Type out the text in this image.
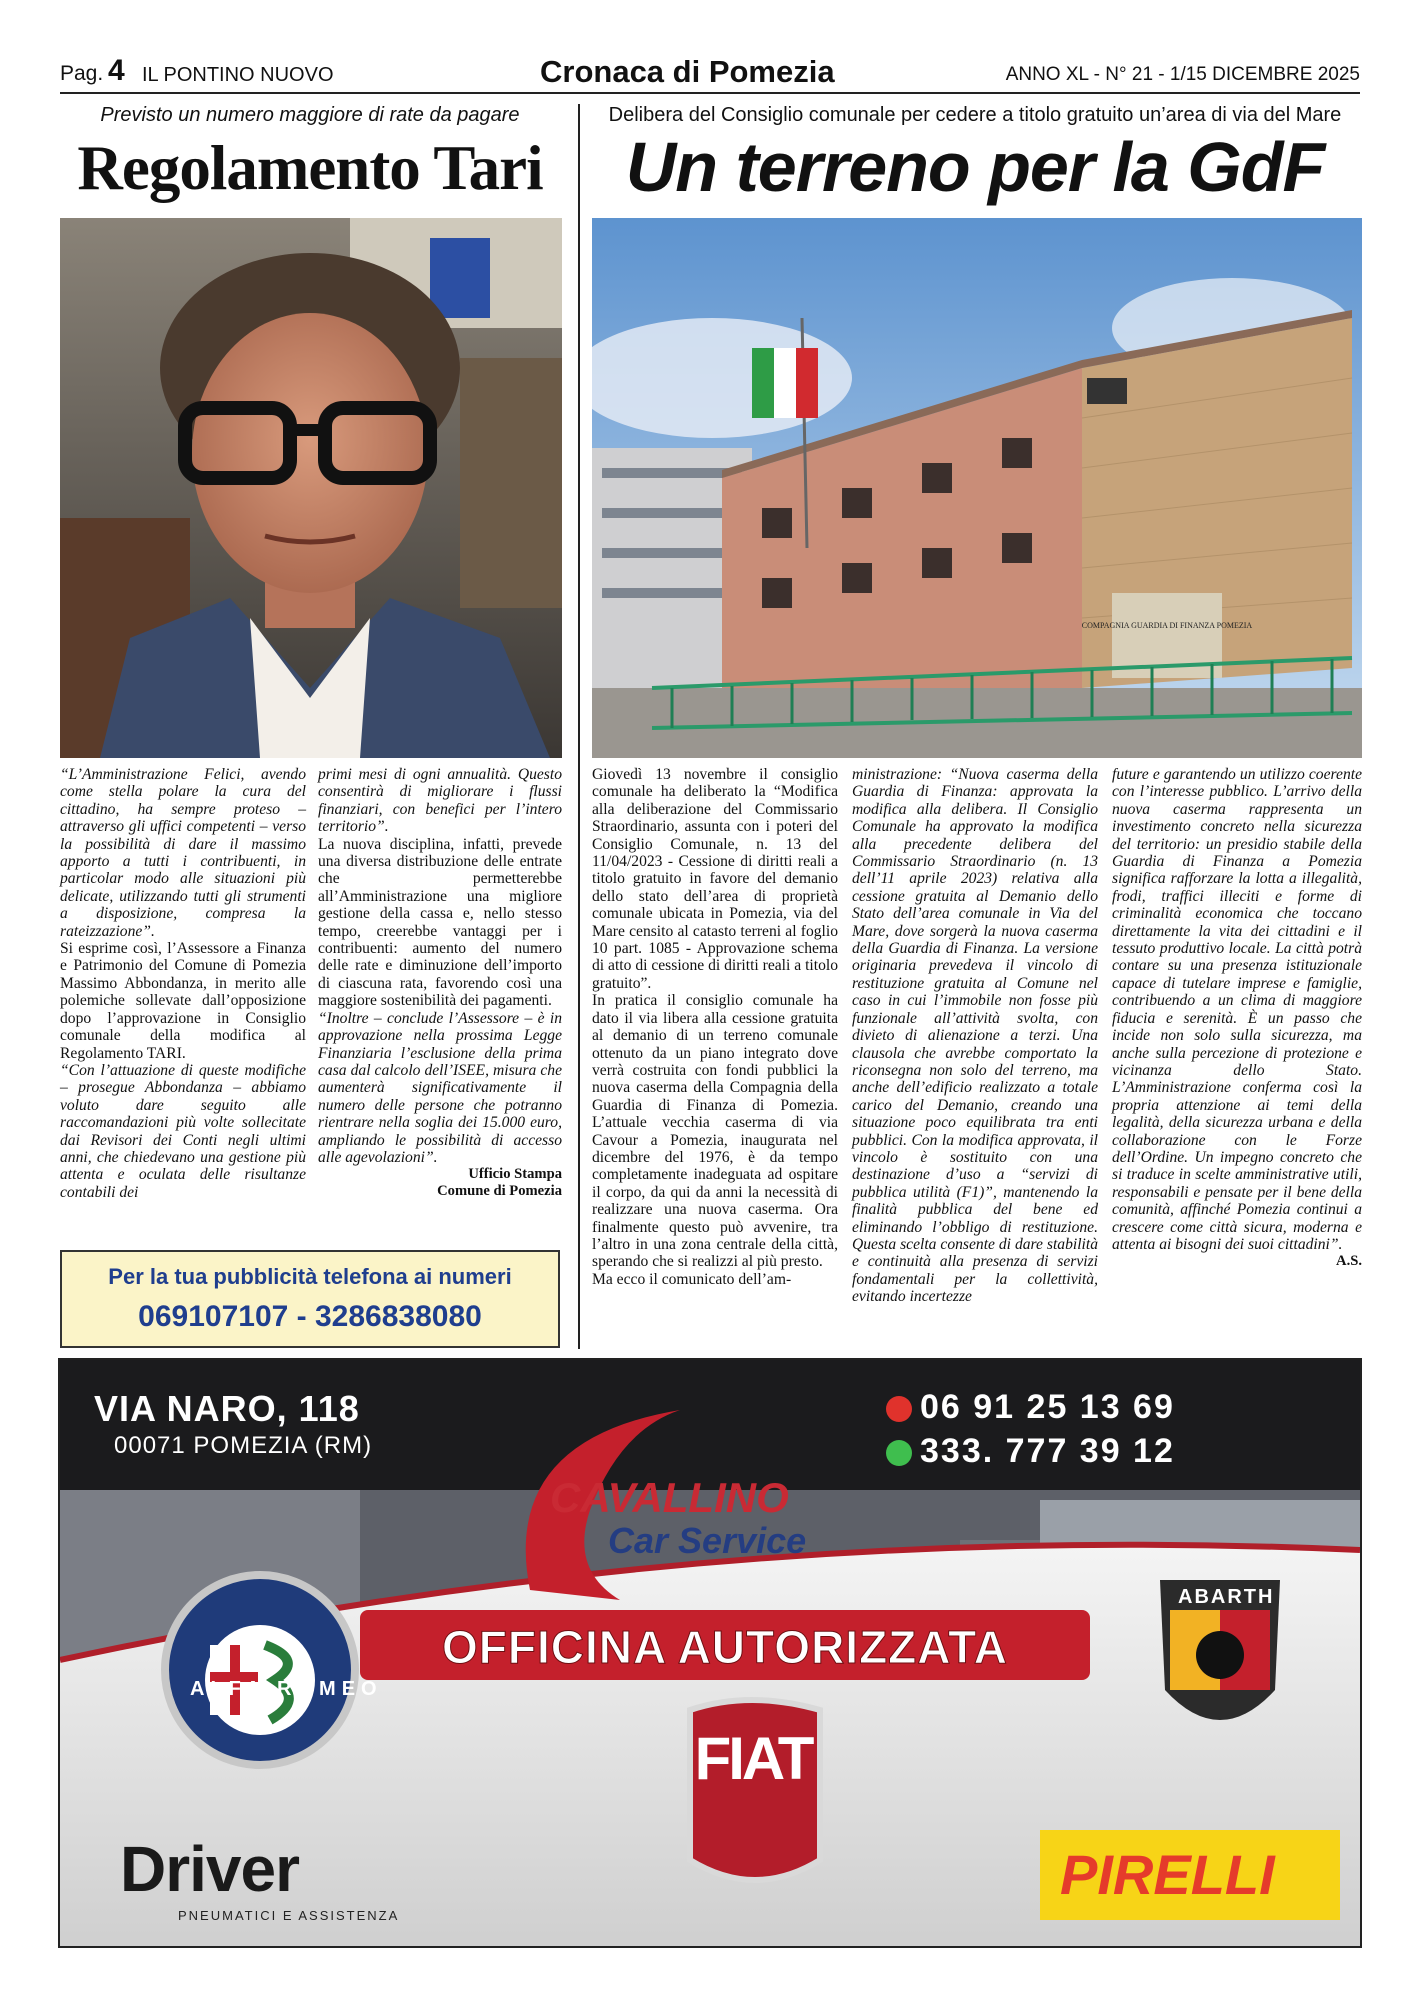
Pag. 4 IL PONTINO NUOVO	Cronaca di Pomezia	ANNO XL - N° 21 - 1/15 DICEMBRE 2025
Previsto un numero maggiore di rate da pagare
Regolamento Tari

“L’Amministrazione Felici, avendo come stella polare la cura del cittadino, ha sempre proteso – attraverso gli uffici competenti – verso la possibilità di dare il massimo apporto a tutti i contribuenti, in particolar modo alle situazioni più delicate, utilizzando tutti gli strumenti a disposizione, compresa la rateizzazione”.

Si esprime così, l’Assessore a Finanza e Patrimonio del Comune di Pomezia Massimo Abbondanza, in merito alle polemiche sollevate dall’opposizione dopo l’approvazione in Consiglio comunale della modifica al Regolamento TARI.

“Con l’attuazione di queste modifiche – prosegue Abbondanza – abbiamo voluto dare seguito alle raccomandazioni più volte sollecitate dai Revisori dei Conti negli ultimi anni, che chiedevano una gestione più attenta e oculata delle risultanze contabili dei

primi mesi di ogni annualità. Questo consentirà di migliorare i flussi finanziari, con benefici per l’intero territorio”.

La nuova disciplina, infatti, prevede una diversa distribuzione delle entrate che permetterebbe all’Amministrazione una migliore gestione della cassa e, nello stesso tempo, creerebbe vantaggi per i contribuenti: aumento del numero delle rate e diminuzione dell’importo di ciascuna rata, favorendo così una maggiore sostenibilità dei pagamenti.

“Inoltre – conclude l’Assessore – è in approvazione nella prossima Legge Finanziaria l’esclusione della prima casa dal calcolo dell’ISEE, misura che aumenterà significativamente il numero delle persone che potranno rientrare nella soglia dei 15.000 euro, ampliando le possibilità di accesso alle agevolazioni”.

Ufficio Stampa

Comune di Pomezia

Per la tua pubblicità telefona ai numeri
069107107 - 3286838080
Delibera del Consiglio comunale per cedere a titolo gratuito un’area di via del Mare
Un terreno per la GdF
COMPAGNIA GUARDIA DI FINANZA POMEZIA

Giovedì 13 novembre il consiglio comunale ha deliberato la “Modifica alla deliberazione del Commissario Straordinario, assunta con i poteri del Consiglio Comunale, n. 13 del 11/04/2023 - Cessione di diritti reali a titolo gratuito in favore del demanio dello stato dell’area di proprietà comunale ubicata in Pomezia, via del Mare censito al catasto terreni al foglio 10 part. 1085 - Approvazione schema di atto di cessione di diritti reali a titolo gratuito”.

In pratica il consiglio comunale ha dato il via libera alla cessione gratuita al demanio di un terreno comunale ottenuto da un piano integrato dove verrà costruita con fondi pubblici la nuova caserma della Compagnia della Guardia di Finanza di Pomezia. L’attuale vecchia caserma di via Cavour a Pomezia, inaugurata nel dicembre del 1976, è da tempo completamente inadeguata ad ospitare il corpo, da qui da anni la necessità di realizzare una nuova caserma. Ora finalmente questo può avvenire, tra l’altro in una zona centrale della città, sperando che si realizzi al più presto.

Ma ecco il comunicato dell’am-

ministrazione: “Nuova caserma della Guardia di Finanza: approvata la modifica alla delibera. Il Consiglio Comunale ha approvato la modifica alla precedente delibera del Commissario Straordinario (n. 13 dell’11 aprile 2023) relativa alla cessione gratuita al Demanio dello Stato dell’area comunale in Via del Mare, dove sorgerà la nuova caserma della Guardia di Finanza. La versione originaria prevedeva il vincolo di restituzione gratuita al Comune nel caso in cui l’immobile non fosse più funzionale all’attività svolta, con divieto di alienazione a terzi. Una clausola che avrebbe comportato la riconsegna non solo del terreno, ma anche dell’edificio realizzato a totale carico del Demanio, creando una situazione poco equilibrata tra enti pubblici. Con la modifica approvata, il vincolo è sostituito con una destinazione d’uso a “servizi di pubblica utilità (F1)”, mantenendo la finalità pubblica del bene ed eliminando l’obbligo di restituzione. Questa scelta consente di dare stabilità e continuità alla presenza di servizi fondamentali per la collettività, evitando incertezze

future e garantendo un utilizzo coerente con l’interesse pubblico. L’arrivo della nuova caserma rappresenta un investimento concreto nella sicurezza del territorio: un presidio stabile della Guardia di Finanza a Pomezia significa rafforzare la lotta a illegalità, frodi, traffici illeciti e forme di criminalità economica che toccano direttamente la vita dei cittadini e il tessuto produttivo locale. La città potrà contare su una presenza istituzionale capace di tutelare imprese e famiglie, contribuendo a un clima di maggiore fiducia e serenità. È un passo che incide non solo sulla sicurezza, ma anche sulla percezione di protezione e vicinanza dello Stato. L’Amministrazione conferma così la propria attenzione ai temi della legalità, della sicurezza urbana e della collaborazione con le Forze dell’Ordine. Un impegno concreto che si traduce in scelte amministrative utili, responsabili e pensate per il bene della comunità, affinché Pomezia continui a crescere come città sicura, moderna e attenta ai bisogni dei suoi cittadini”.

A.S.

VIA NARO, 118
00071 POMEZIA (RM)
06 91 25 13 69
333. 777 39 12
CAVALLINO
Car Service
OFFICINA AUTORIZZATA
ALFA ROMEO
ABARTH
FIAT
Driver
PNEUMATICI E ASSISTENZA
PIRELLI
